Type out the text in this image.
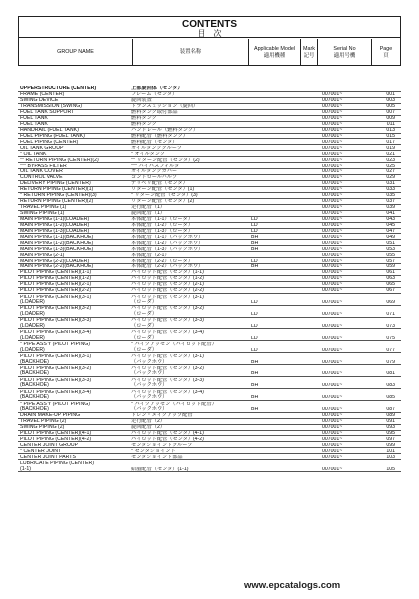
CONTENTS
目　次
GROUP NAME	装置名称
Applicable Model
適用機種
Mark
記号
Serial No
適用号機
Page
頁
UPPERSTRUCTURE (CENTER)	上部旋回体（センタ）
FRAME (CENTER)	フレーム（センタ）	007001~	001
SWING DEVICE	旋回装置	007001~	003
TRANSMISSION (SWING)	トランスミッション（旋回）	007001~	005
FUEL TANK SUPPORT	燃料タンク取付部品	007001~	007
FUEL TANK	燃料タンク	007001~	009
FUEL TANK	燃料タンク	007001~	011
HANDRAIL (FUEL TANK)	ハンドレール（燃料タンク）	007001~	013
FUEL PIPING (FUEL TANK)	燃料配管（燃料タンク）	007001~	015
FUEL PIPING (CENTER)	燃料配管（センタ）	007001~	017
OIL TANK GROUP	オイルタンクグループ	007001~	019
* OIL TANK	* オイルタンク	007001~	021
** RETURN PIPING (CENTER)(2)	** リターン配管（センタ）(2)	007001~	023
*** BYPASS FILTER	*** バイパスフィルタ	007001~	025
OIL TANK COVER	オイルタンクカバー	007001~	027
CONTROL VALVE	コントロールバルブ	007001~	029
DELIVERY PIPING (CENTER)	デリベリ配管（センタ）	007001~	031
RETURN PIPING (CENTER)(1)	リターン配管（センタ）(1)	007001~	033
* RETURN PIPING (CENTER)(3)	* リターン配管（センタ）(3)	007001~	035
RETURN PIPING (CENTER)(2)	リターン配管（センタ）(2)	007001~	037
TRAVEL PIPING (1)	走行配管（1）	007001~	039
SWING PIPING (1)	旋回配管（1）	007001~	041
MAIN PIPING (1-1)(LOADER)	本体配管（1-1）（ローダ）	LD	007001~	043
MAIN PIPING (1-2)(LOADER)	本体配管（1-2）（ローダ）	LD	007001~	045
MAIN PIPING (1-3)(LOADER)	本体配管（1-3）（ローダ）	LD	007001~	047
MAIN PIPING (1-1)(BACKHOE)	本体配管（1-1）（バックホウ）	BH	007001~	049
MAIN PIPING (1-2)(BACKHOE)	本体配管（1-2）（バックホウ）	BH	007001~	051
MAIN PIPING (1-3)(BACKHOE)	本体配管（1-3）（バックホウ）	BH	007001~	053
MAIN PIPING (2-1)	本体配管（2-1）	007001~	055
MAIN PIPING (2-2)(LOADER)	本体配管（2-2）（ローダ）	LD	007001~	057
MAIN PIPING (2-2)(BACKHOE)	本体配管（2-2）（バックホウ）	BH	007001~	059
PILOT PIPING (CENTER)(1-1)	パイロット配管（センタ）(1-1)	007001~	061
PILOT PIPING (CENTER)(1-2)	パイロット配管（センタ）(1-2)	007001~	063
PILOT PIPING (CENTER)(2-1)	パイロット配管（センタ）(2-1)	007001~	065
PILOT PIPING (CENTER)(2-2)	パイロット配管（センタ）(2-2)	007001~	067
PILOT PIPING (CENTER)(3-1)
(LOADER)
パイロット配管（センタ）(3-1)
（ローダ）	LD	007001~	069
PILOT PIPING (CENTER)(3-2)
(LOADER)
パイロット配管（センタ）(3-2)
（ローダ）	LD	007001~	071
PILOT PIPING (CENTER)(3-3)
(LOADER)
パイロット配管（センタ）(3-3)
（ローダ）	LD	007001~	073
PILOT PIPING (CENTER)(3-4)
(LOADER)
パイロット配管（センタ）(3-4)
（ローダ）	LD	007001~	075
* PIPE ASS'Y (PILOT PIPING)
(LOADER)
* パイプアッセン（パイロット配管）
（ローダ）	LD	007001~	077
PILOT PIPING (CENTER)(3-1)
(BACKHOE)
パイロット配管（センタ）(3-1)
（バックホウ）	BH	007001~	079
PILOT PIPING (CENTER)(3-2)
(BACKHOE)
パイロット配管（センタ）(3-2)
（バックホウ）	BH	007001~	081
PILOT PIPING (CENTER)(3-3)
(BACKHOE)
パイロット配管（センタ）(3-3)
（バックホウ）	BH	007001~	083
PILOT PIPING (CENTER)(3-4)
(BACKHOE)
パイロット配管（センタ）(3-4)
（バックホウ）	BH	007001~	085
* PIPE ASS'Y (PILOT PIPING)
(BACKHOE)
* パイプアッセン（パイロット配管）
（バックホウ）	BH	007001~	087
DRAIN MAKE-UP PIPING	ドレン・メイクアップ配管	007001~	089
TRAVEL PIPING (2)	走行配管（2）	007001~	091
SWING PIPING (2)	旋回配管（2）	007001~	093
PILOT PIPING (CENTER)(4-1)	パイロット配管（センタ）(4-1)	007001~	095
PILOT PIPING (CENTER)(4-2)	パイロット配管（センタ）(4-2)	007001~	097
CENTER JOINT GROUP	センタジョイントグループ	007001~	099
* CENTER JOINT	* センタジョイント	007001~	101
CENTER JOINT PARTS	センタジョイント部品	007001~	103
LUBRICATE PIPING (CENTER)
(1-1)	給脂配管（センタ）(1-1)	007001~	105
www.epcatalogs.com
